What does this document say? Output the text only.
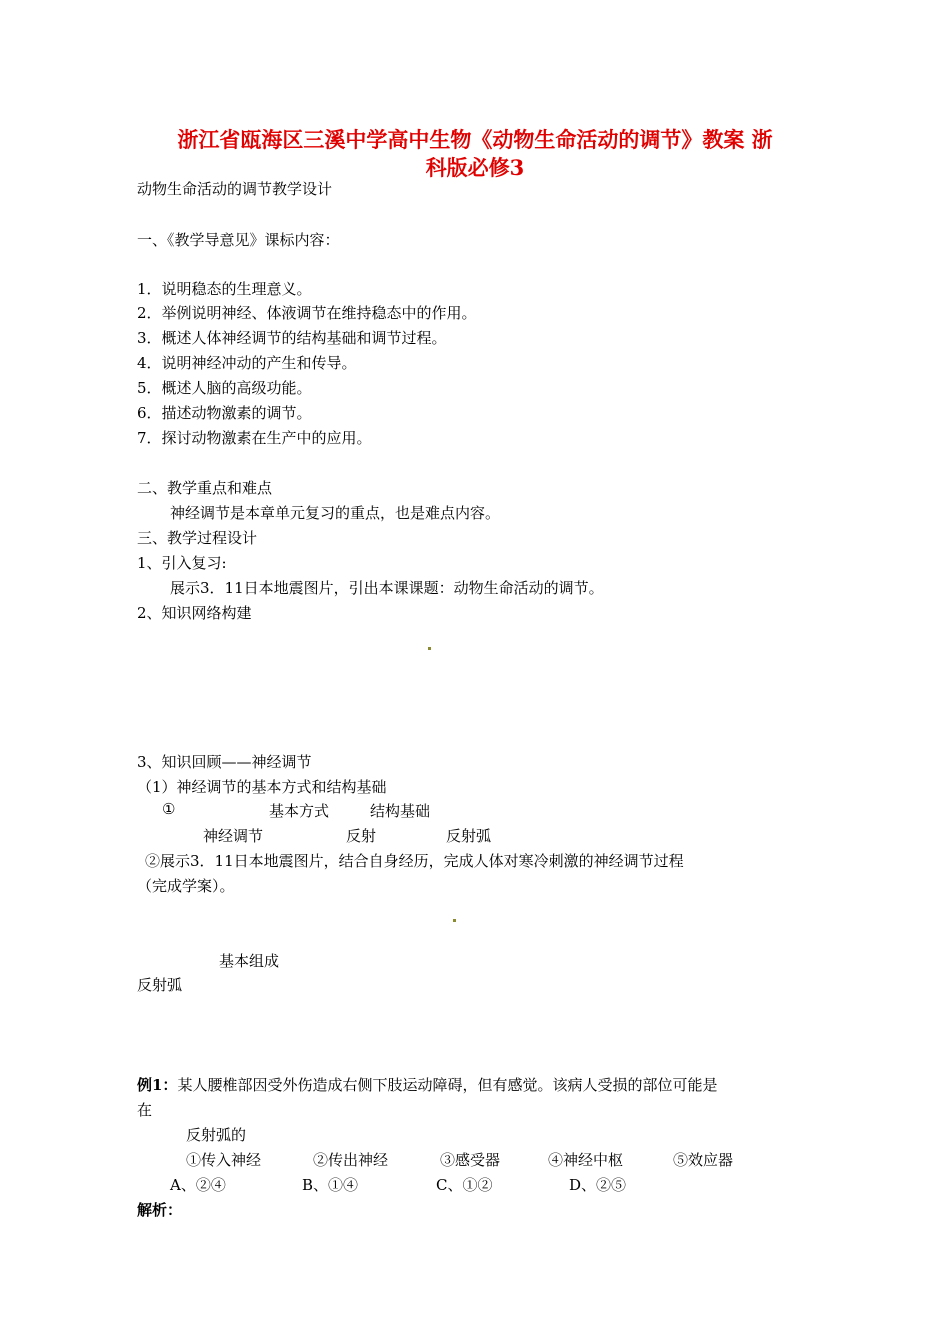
浙江省瓯海区三溪中学高中生物《动物生命活动的调节》教案 浙
科版必修3
动物生命活动的调节教学设计
一、《教学导意见》课标内容：
1．说明稳态的生理意义。
2．举例说明神经、体液调节在维持稳态中的作用。
3．概述人体神经调节的结构基础和调节过程。
4．说明神经冲动的产生和传导。
5．概述人脑的高级功能。
6．描述动物激素的调节。
7．探讨动物激素在生产中的应用。
二、教学重点和难点
神经调节是本章单元复习的重点，也是难点内容。
三、教学过程设计
1、引入复习:
展示3．11日本地震图片，引出本课课题：动物生命活动的调节。
2、知识网络构建
3、知识回顾——神经调节
（1）神经调节的基本方式和结构基础
①	基本方式	结构基础
神经调节	反射	反射弧
②展示3．11日本地震图片，结合自身经历，完成人体对寒冷刺激的神经调节过程
（完成学案）。
基本组成
反射弧
例1：某人腰椎部因受外伤造成右侧下肢运动障碍，但有感觉。该病人受损的部位可能是
在
反射弧的
①传入神经	②传出神经	③感受器	④神经中枢	⑤效应器
A、②④	B、①④	C、①②	D、②⑤
解析：
